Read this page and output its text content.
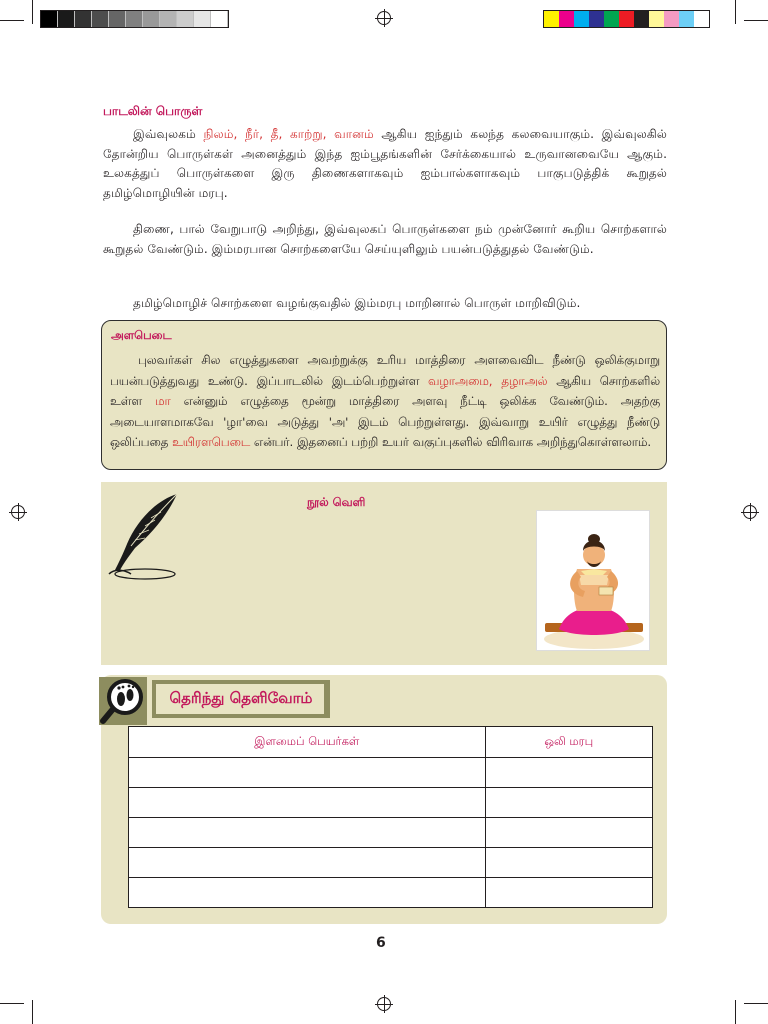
பாடலின் பொருள்

இவ்வுலகம் நிலம், நீர், தீ, காற்று, வானம் ஆகிய ஐந்தும் கலந்த கலவையாகும். இவ்வுலகில் தோன்றிய பொருள்கள் அனைத்தும் இந்த ஐம்பூதங்களின் சேர்க்கையால் உருவானவையே ஆகும். உலகத்துப் பொருள்களை இரு திணைகளாகவும் ஐம்பால்களாகவும் பாகுபடுத்திக் கூறுதல் தமிழ்மொழியின் மரபு.

திணை, பால் வேறுபாடு அறிந்து, இவ்வுலகப் பொருள்களை நம் முன்னோர் கூறிய சொற்களால் கூறுதல் வேண்டும். இம்மரபான சொற்களையே செய்யுளிலும் பயன்படுத்துதல் வேண்டும்.

தமிழ்மொழிச் சொற்களை வழங்குவதில் இம்மரபு மாறினால் பொருள் மாறிவிடும்.

அளபெடை

புலவர்கள் சில எழுத்துகளை அவற்றுக்கு உரிய மாத்திரை அளவைவிட நீண்டு ஒலிக்குமாறு பயன்படுத்துவது உண்டு. இப்பாடலில் இடம்பெற்றுள்ள வழாஅமை, தழாஅல் ஆகிய சொற்களில் உள்ள மா என்னும் எழுத்தை மூன்று மாத்திரை அளவு நீட்டி ஒலிக்க வேண்டும். அதற்கு அடையாளமாகவே 'ழா'வை அடுத்து 'அ' இடம் பெற்றுள்ளது. இவ்வாறு உயிர் எழுத்து நீண்டு ஒலிப்பதை உயிரளபெடை என்பர். இதனைப் பற்றி உயர் வகுப்புகளில் விரிவாக அறிந்துகொள்ளலாம்.

நூல் வெளி
தெரிந்து தெளிவோம்
இளமைப் பெயர்கள்	ஒலி மரபு

6
